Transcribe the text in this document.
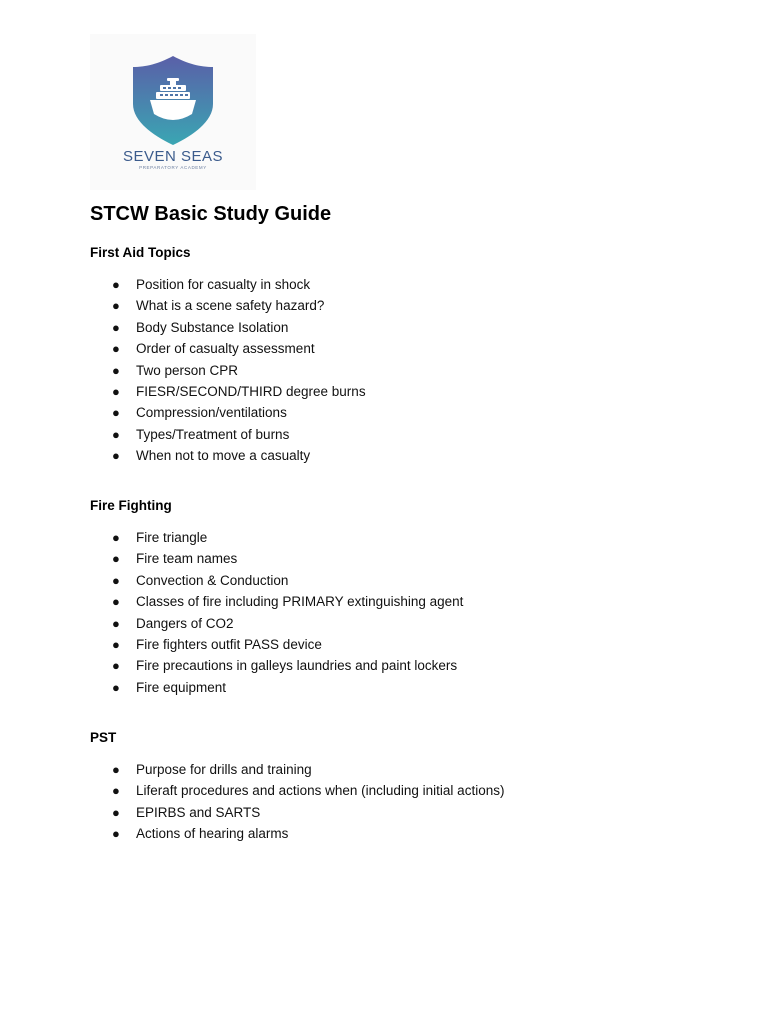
SEVEN SEAS
PREPARATORY ACADEMY
STCW Basic Study Guide
First Aid Topics
● Position for casualty in shock
● What is a scene safety hazard?
● Body Substance Isolation
● Order of casualty assessment
● Two person CPR
● FIESR/SECOND/THIRD degree burns
● Compression/ventilations
● Types/Treatment of burns
● When not to move a casualty
Fire Fighting
● Fire triangle
● Fire team names
● Convection & Conduction
● Classes of fire including PRIMARY extinguishing agent
● Dangers of CO2
● Fire fighters outfit PASS device
● Fire precautions in galleys laundries and paint lockers
● Fire equipment
PST
● Purpose for drills and training
● Liferaft procedures and actions when (including initial actions)
● EPIRBS and SARTS
● Actions of hearing alarms
